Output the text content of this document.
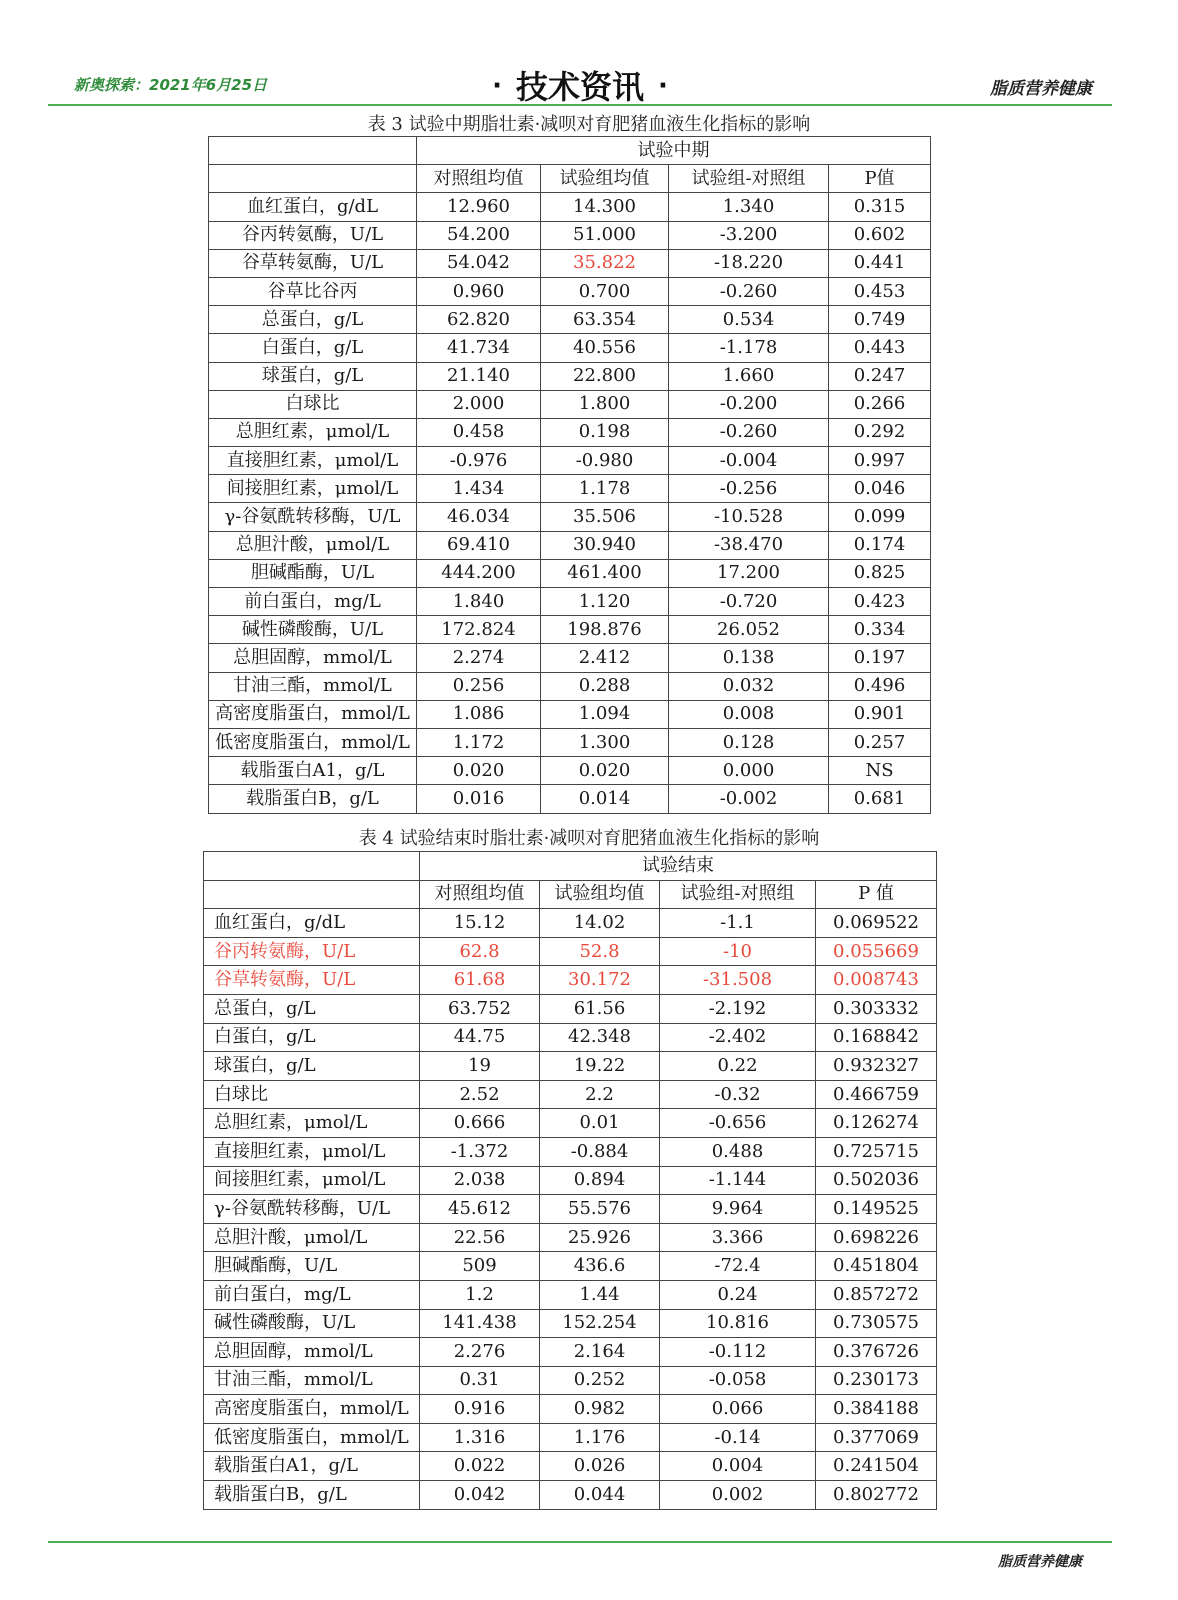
新奥探索：2021年6月25日	· 技术资讯 ·	脂质营养健康
表 3 试验中期脂壮素·减呗对育肥猪血液生化指标的影响
	试验中期			
	对照组均值	试验组均值	试验组-对照组	P值
血红蛋白，g/dL	12.960	14.300	1.340	0.315
谷丙转氨酶，U/L	54.200	51.000	-3.200	0.602
谷草转氨酶，U/L	54.042	35.822	-18.220	0.441
谷草比谷丙	0.960	0.700	-0.260	0.453
总蛋白，g/L	62.820	63.354	0.534	0.749
白蛋白，g/L	41.734	40.556	-1.178	0.443
球蛋白，g/L	21.140	22.800	1.660	0.247
白球比	2.000	1.800	-0.200	0.266
总胆红素，μmol/L	0.458	0.198	-0.260	0.292
直接胆红素，μmol/L	-0.976	-0.980	-0.004	0.997
间接胆红素，μmol/L	1.434	1.178	-0.256	0.046
γ-谷氨酰转移酶，U/L	46.034	35.506	-10.528	0.099
总胆汁酸，μmol/L	69.410	30.940	-38.470	0.174
胆碱酯酶，U/L	444.200	461.400	17.200	0.825
前白蛋白，mg/L	1.840	1.120	-0.720	0.423
碱性磷酸酶，U/L	172.824	198.876	26.052	0.334
总胆固醇，mmol/L	2.274	2.412	0.138	0.197
甘油三酯，mmol/L	0.256	0.288	0.032	0.496
高密度脂蛋白，mmol/L	1.086	1.094	0.008	0.901
低密度脂蛋白，mmol/L	1.172	1.300	0.128	0.257
载脂蛋白A1，g/L	0.020	0.020	0.000	NS
载脂蛋白B，g/L	0.016	0.014	-0.002	0.681
表 4 试验结束时脂壮素·减呗对育肥猪血液生化指标的影响
	试验结束			
	对照组均值	试验组均值	试验组-对照组	P 值
血红蛋白，g/dL	15.12	14.02	-1.1	0.069522
谷丙转氨酶，U/L	62.8	52.8	-10	0.055669
谷草转氨酶，U/L	61.68	30.172	-31.508	0.008743
总蛋白，g/L	63.752	61.56	-2.192	0.303332
白蛋白，g/L	44.75	42.348	-2.402	0.168842
球蛋白，g/L	19	19.22	0.22	0.932327
白球比	2.52	2.2	-0.32	0.466759
总胆红素，μmol/L	0.666	0.01	-0.656	0.126274
直接胆红素，μmol/L	-1.372	-0.884	0.488	0.725715
间接胆红素，μmol/L	2.038	0.894	-1.144	0.502036
γ-谷氨酰转移酶，U/L	45.612	55.576	9.964	0.149525
总胆汁酸，μmol/L	22.56	25.926	3.366	0.698226
胆碱酯酶，U/L	509	436.6	-72.4	0.451804
前白蛋白，mg/L	1.2	1.44	0.24	0.857272
碱性磷酸酶，U/L	141.438	152.254	10.816	0.730575
总胆固醇，mmol/L	2.276	2.164	-0.112	0.376726
甘油三酯，mmol/L	0.31	0.252	-0.058	0.230173
高密度脂蛋白，mmol/L	0.916	0.982	0.066	0.384188
低密度脂蛋白，mmol/L	1.316	1.176	-0.14	0.377069
载脂蛋白A1，g/L	0.022	0.026	0.004	0.241504
载脂蛋白B，g/L	0.042	0.044	0.002	0.802772
脂质营养健康
